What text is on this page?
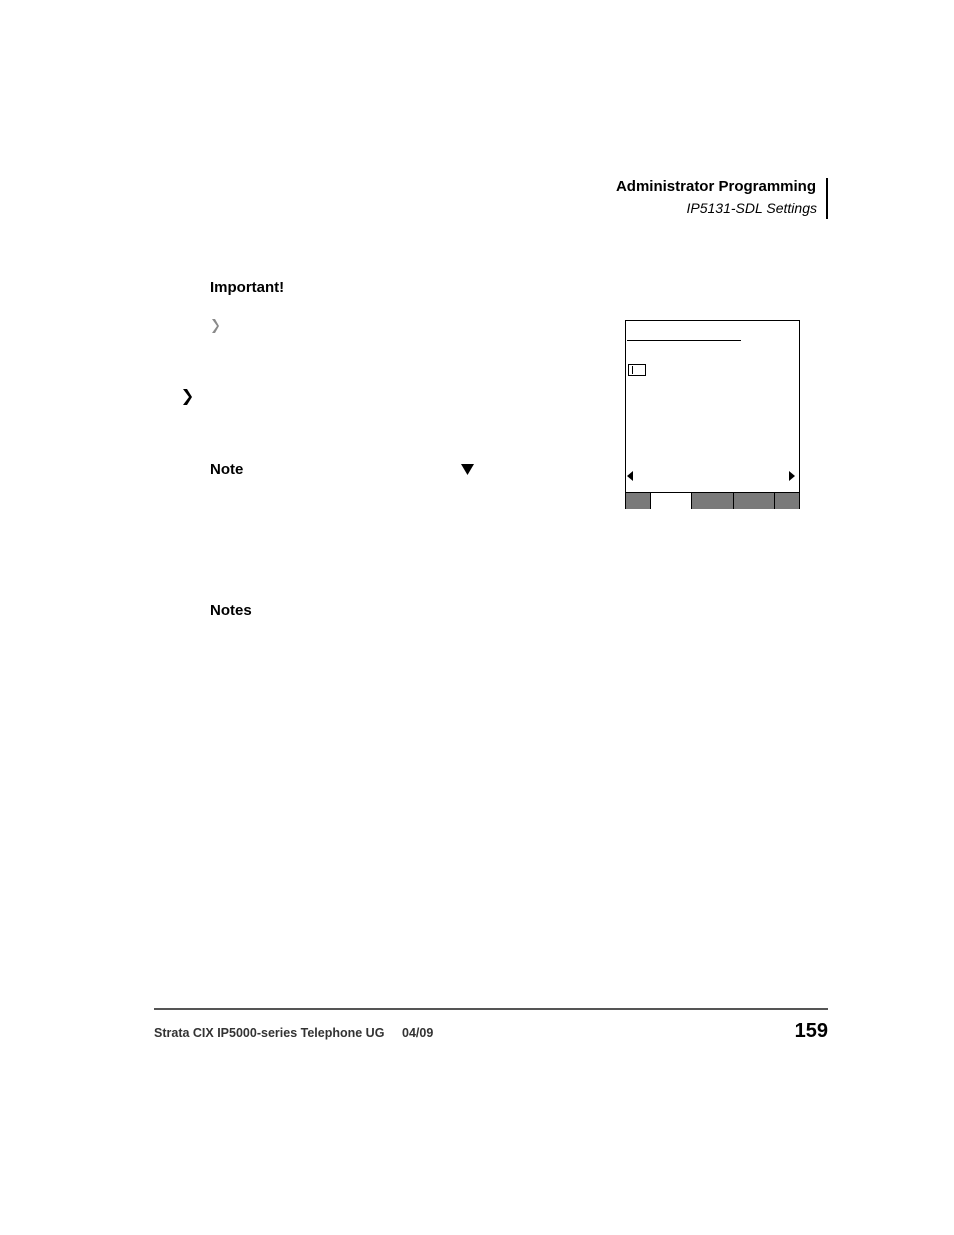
Administrator Programming
IP5131-SDL Settings
Important!
Note
Notes
Strata CIX IP5000-series Telephone UG 04/09	159
